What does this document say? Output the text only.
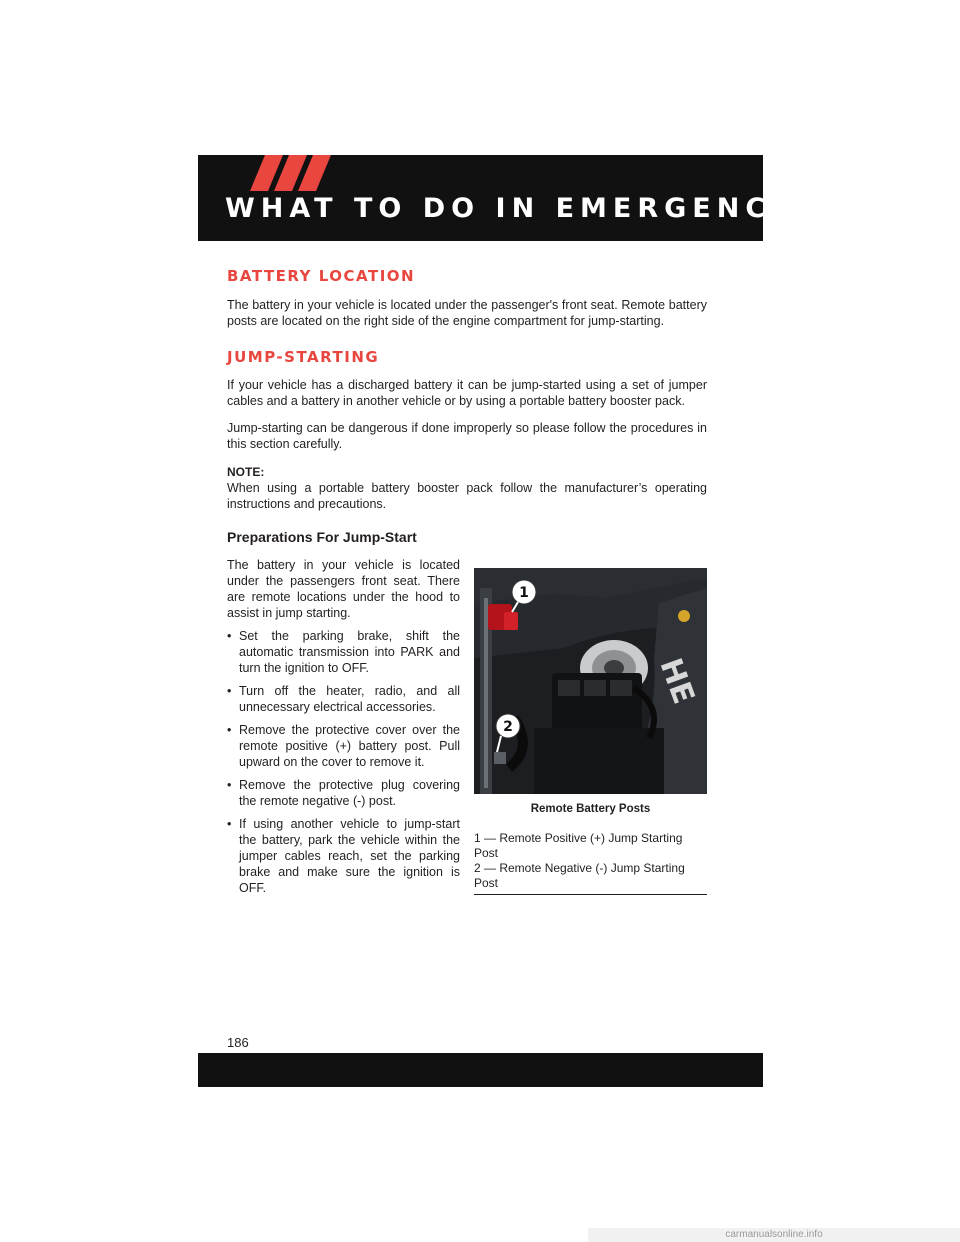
WHAT TO DO IN EMERGENCIES
BATTERY LOCATION

The battery in your vehicle is located under the passenger's front seat. Remote battery posts are located on the right side of the engine compartment for jump-starting.

JUMP-STARTING

If your vehicle has a discharged battery it can be jump-started using a set of jumper cables and a battery in another vehicle or by using a portable battery booster pack.

Jump-starting can be dangerous if done improperly so please follow the procedures in this section carefully.

NOTE:

When using a portable battery booster pack follow the manufacturer’s operating instructions and precautions.

Preparations For Jump-Start

The battery in your vehicle is located under the passengers front seat. There are remote locations under the hood to assist in jump starting.

• Set the parking brake, shift the automatic transmission into PARK and turn the ignition to OFF.
• Turn off the heater, radio, and all unnecessary electrical accessories.
• Remove the protective cover over the remote positive (+) battery post. Pull upward on the cover to remove it.
• Remove the protective plug covering the remote negative (-) post.
• If using another vehicle to jump-start the battery, park the vehicle within the jumper cables reach, set the parking brake and make sure the ignition is OFF.
HE
1
2
Remote Battery Posts
1 — Remote Positive (+) Jump Starting Post
2 — Remote Negative (-) Jump Starting Post
186
carmanualsonline.info
